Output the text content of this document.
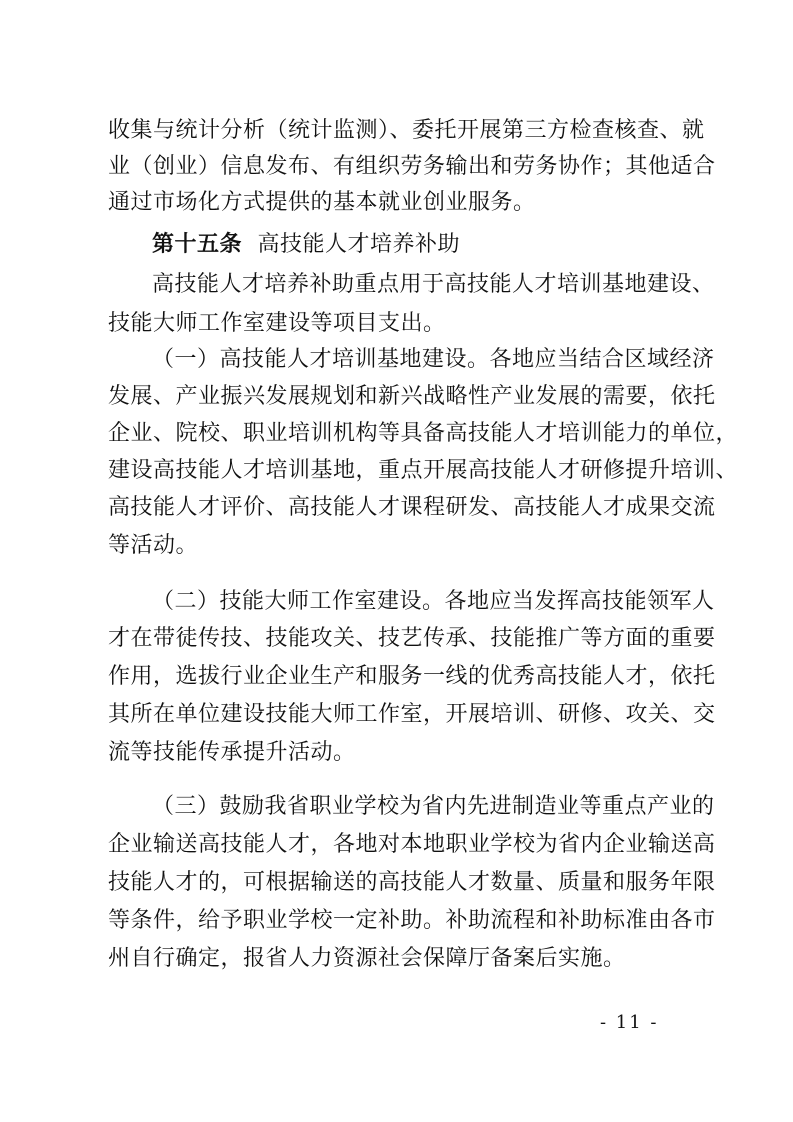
收集与统计分析（统计监测）、委托开展第三方检查核查、就
业（创业）信息发布、有组织劳务输出和劳务协作；其他适合
通过市场化方式提供的基本就业创业服务。
第十五条 高技能人才培养补助
高技能人才培养补助重点用于高技能人才培训基地建设、
技能大师工作室建设等项目支出。
（一）高技能人才培训基地建设。各地应当结合区域经济
发展、产业振兴发展规划和新兴战略性产业发展的需要，依托
企业、院校、职业培训机构等具备高技能人才培训能力的单位，
建设高技能人才培训基地，重点开展高技能人才研修提升培训、
高技能人才评价、高技能人才课程研发、高技能人才成果交流
等活动。
（二）技能大师工作室建设。各地应当发挥高技能领军人
才在带徒传技、技能攻关、技艺传承、技能推广等方面的重要
作用，选拔行业企业生产和服务一线的优秀高技能人才，依托
其所在单位建设技能大师工作室，开展培训、研修、攻关、交
流等技能传承提升活动。
（三）鼓励我省职业学校为省内先进制造业等重点产业的
企业输送高技能人才，各地对本地职业学校为省内企业输送高
技能人才的，可根据输送的高技能人才数量、质量和服务年限
等条件，给予职业学校一定补助。补助流程和补助标准由各市
州自行确定，报省人力资源社会保障厅备案后实施。
- 11 -
